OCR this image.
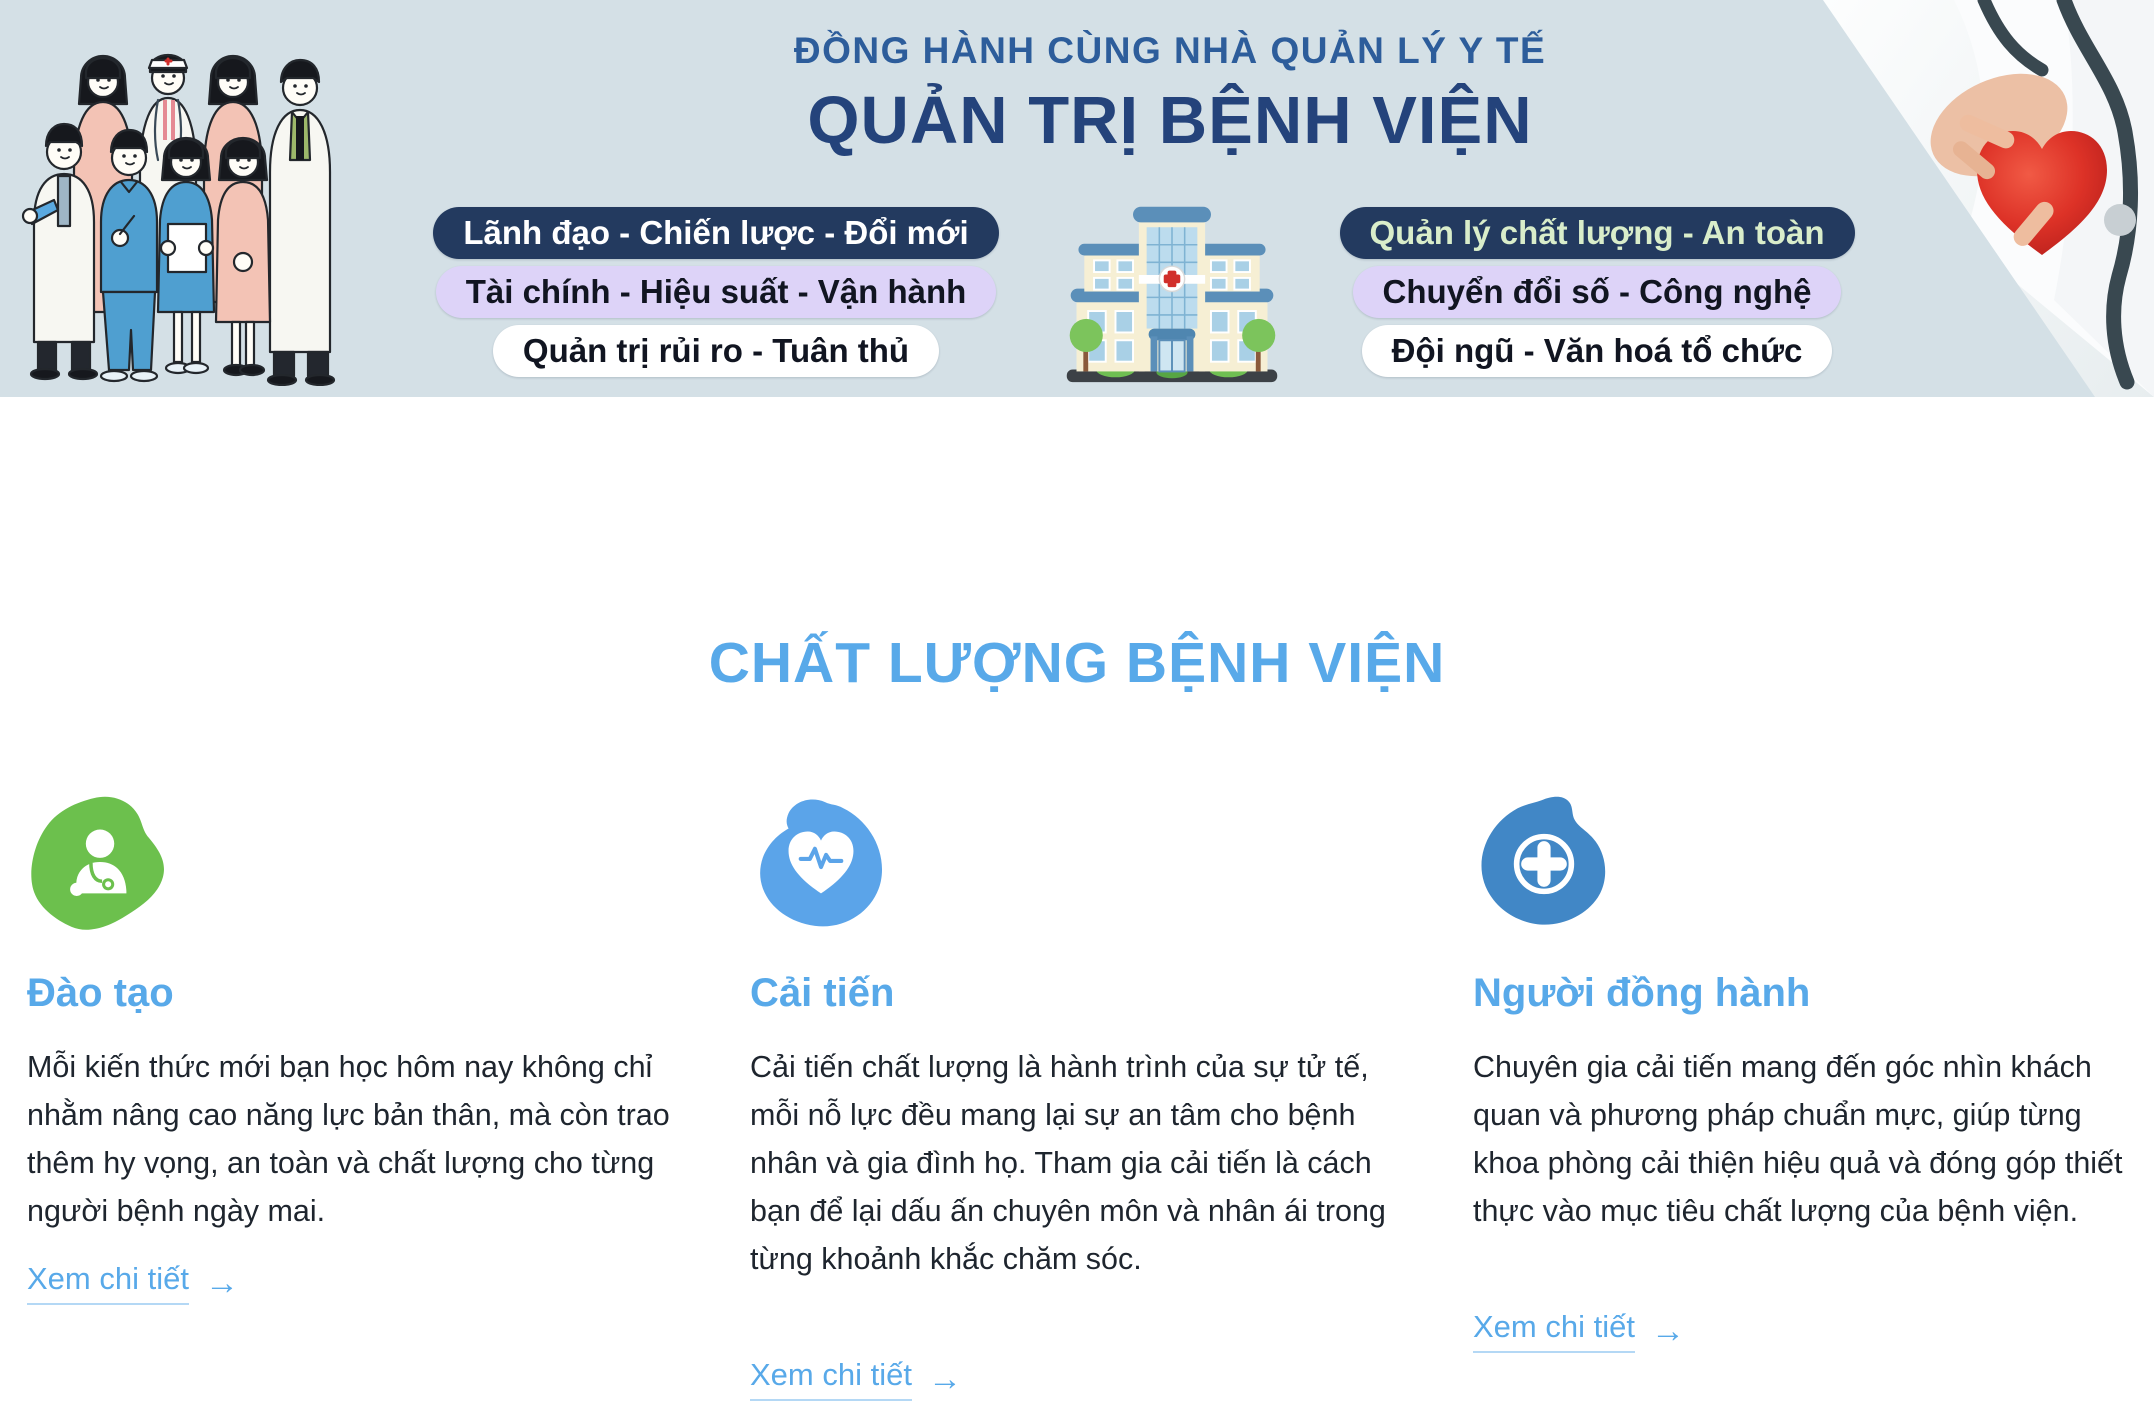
ĐỒNG HÀNH CÙNG NHÀ QUẢN LÝ Y TẾ
QUẢN TRỊ BỆNH VIỆN
Lãnh đạo - Chiến lược - Đổi mới
Tài chính - Hiệu suất - Vận hành
Quản trị rủi ro - Tuân thủ
Quản lý chất lượng - An toàn
Chuyển đổi số - Công nghệ
Đội ngũ - Văn hoá tổ chức
CHẤT LƯỢNG BỆNH VIỆN
Đào tạo

Mỗi kiến thức mới bạn học hôm nay không chỉ nhằm nâng cao năng lực bản thân, mà còn trao thêm hy vọng, an toàn và chất lượng cho từng người bệnh ngày mai.

Xem chi tiết →
Cải tiến

Cải tiến chất lượng là hành trình của sự tử tế, mỗi nỗ lực đều mang lại sự an tâm cho bệnh nhân và gia đình họ. Tham gia cải tiến là cách bạn để lại dấu ấn chuyên môn và nhân ái trong từng khoảnh khắc chăm sóc.

Xem chi tiết →
Người đồng hành

Chuyên gia cải tiến mang đến góc nhìn khách quan và phương pháp chuẩn mực, giúp từng khoa phòng cải thiện hiệu quả và đóng góp thiết thực vào mục tiêu chất lượng của bệnh viện.

Xem chi tiết →
